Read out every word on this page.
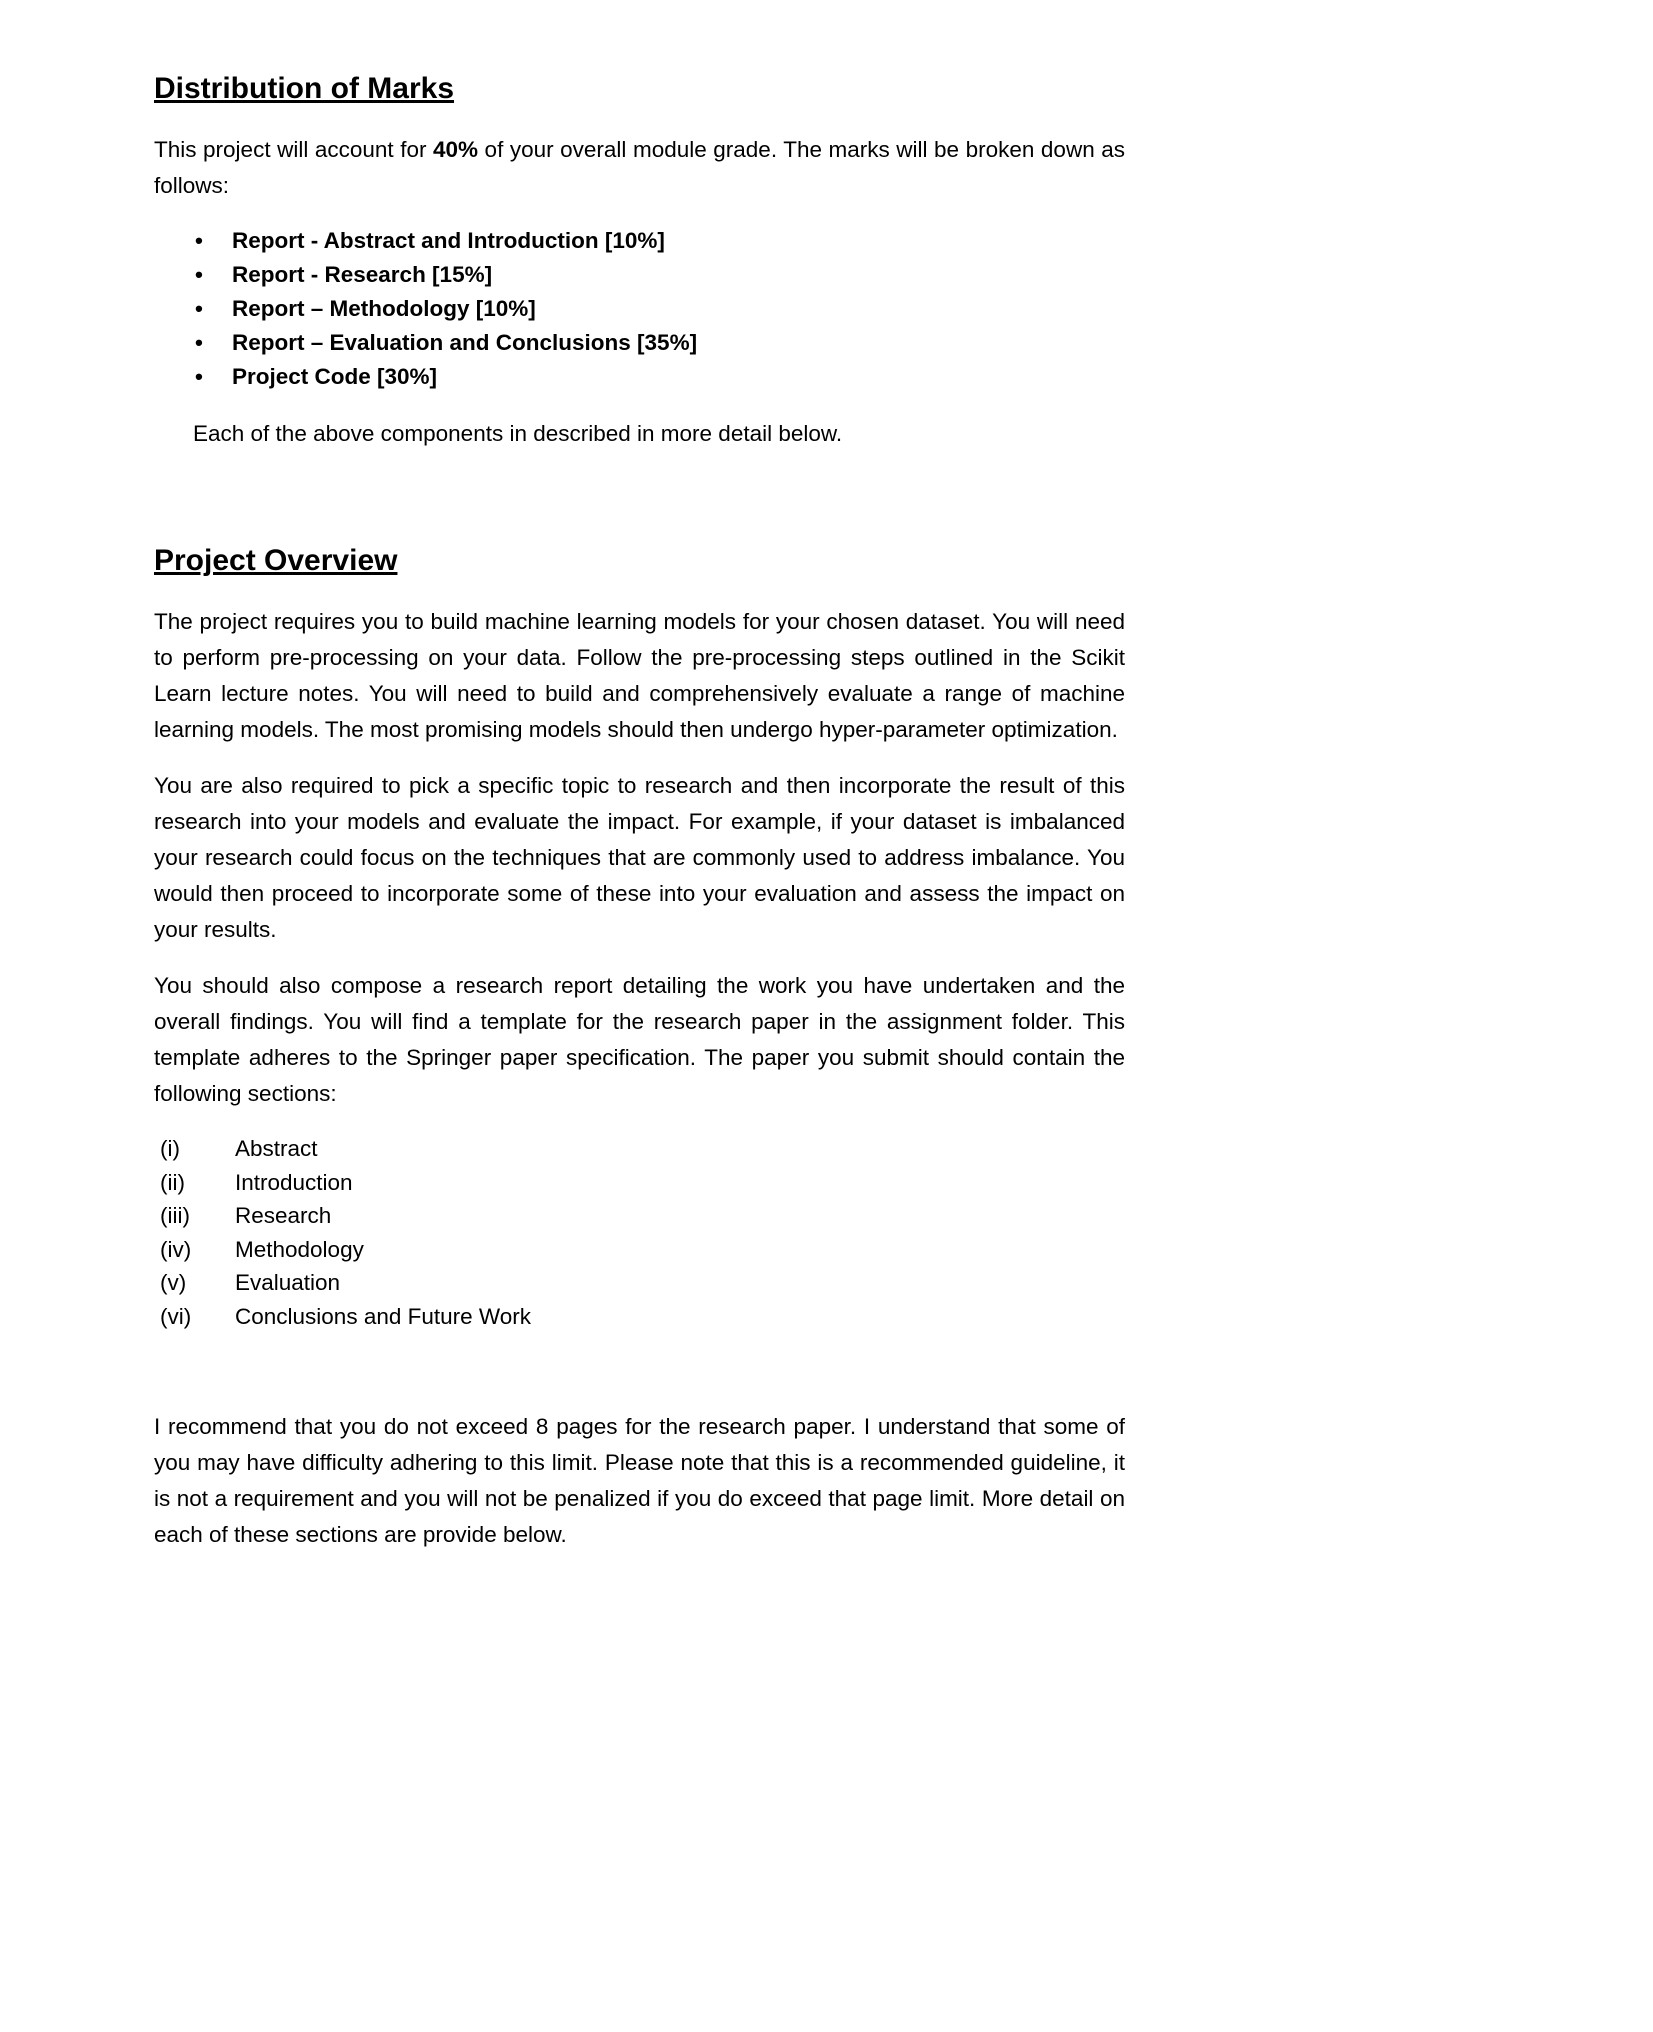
Distribution of Marks

This project will account for 40% of your overall module grade. The marks will be broken down as follows:

•	Report - Abstract and Introduction [10%]
•	Report - Research [15%]
•	Report – Methodology [10%]
•	Report – Evaluation and Conclusions [35%]
•	Project Code [30%]

Each of the above components in described in more detail below.

Project Overview

The project requires you to build machine learning models for your chosen dataset. You will need to perform pre-processing on your data. Follow the pre-processing steps outlined in the Scikit Learn lecture notes. You will need to build and comprehensively evaluate a range of machine learning models. The most promising models should then undergo hyper-parameter optimization.

You are also required to pick a specific topic to research and then incorporate the result of this research into your models and evaluate the impact. For example, if your dataset is imbalanced your research could focus on the techniques that are commonly used to address imbalance. You would then proceed to incorporate some of these into your evaluation and assess the impact on your results.

You should also compose a research report detailing the work you have undertaken and the overall findings. You will find a template for the research paper in the assignment folder. This template adheres to the Springer paper specification. The paper you submit should contain the following sections:

(i)	Abstract
(ii)	Introduction
(iii)	Research
(iv)	Methodology
(v)	Evaluation
(vi)	Conclusions and Future Work

I recommend that you do not exceed 8 pages for the research paper. I understand that some of you may have difficulty adhering to this limit. Please note that this is a recommended guideline, it is not a requirement and you will not be penalized if you do exceed that page limit. More detail on each of these sections are provide below.
